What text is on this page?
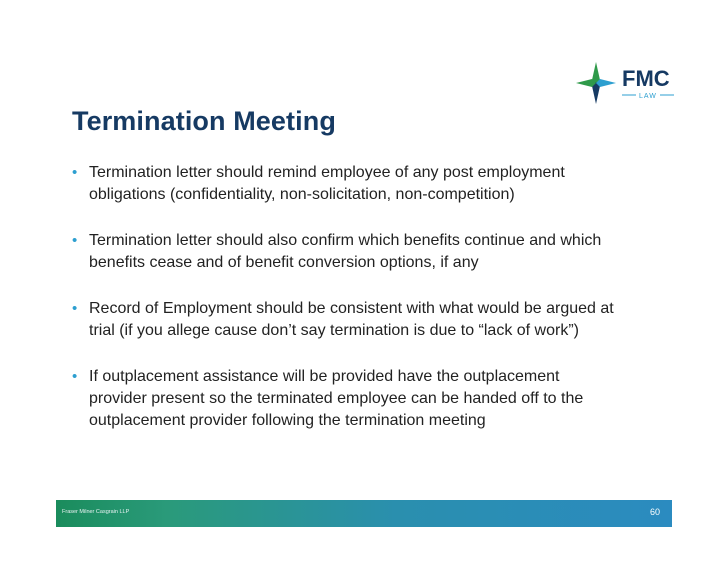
FMC
LAW
Termination Meeting
• Termination letter should remind employee of any post employment
obligations (confidentiality, non-solicitation, non-competition)
• Termination letter should also confirm which benefits continue and which
benefits cease and of benefit conversion options, if any
• Record of Employment should be consistent with what would be argued at
trial (if you allege cause don’t say termination is due to “lack of work”)
• If outplacement assistance will be provided have the outplacement
provider present so the terminated employee can be handed off to the
outplacement provider following the termination meeting
Fraser Milner Casgrain LLP	60
